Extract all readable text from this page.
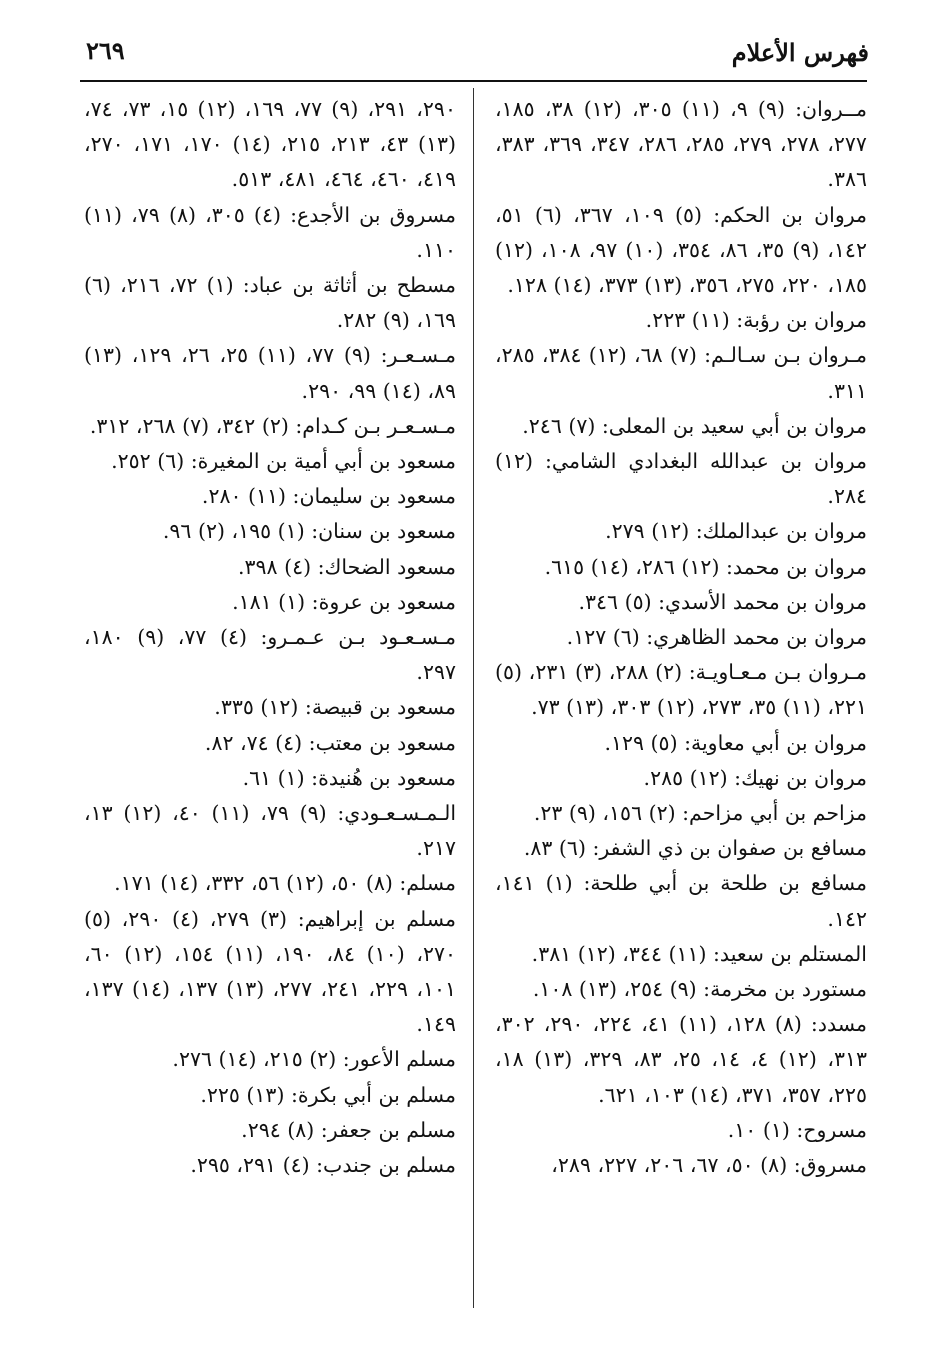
فهرس الأعلام
٢٦٩

مــروان: (٩) ٩، (١١) ٣٠٥، (١٢) ٣٨، ١٨٥، ٢٧٧، ٢٧٨، ٢٧٩، ٢٨٥، ٢٨٦، ٣٤٧، ٣٦٩، ٣٨٣، ٣٨٦.

مروان بن الحكم: (٥) ١٠٩، ٣٦٧، (٦) ٥١، ١٤٢، (٩) ٣٥، ٨٦، ٣٥٤، (١٠) ٩٧، ١٠٨، (١٢) ١٨٥، ٢٢٠، ٢٧٥، ٣٥٦، (١٣) ٣٧٣، (١٤) ١٢٨.

مروان بن رؤبة: (١١) ٢٢٣.

مـروان بـن سـالـم: (٧) ٦٨، (١٢) ٣٨٤، ٢٨٥، ٣١١.

مروان بن أبي سعيد بن المعلى: (٧) ٢٤٦.

مروان بن عبدالله البغدادي الشامي: (١٢) ٢٨٤.

مروان بن عبدالملك: (١٢) ٢٧٩.

مروان بن محمد: (١٢) ٢٨٦، (١٤) ٦١٥.

مروان بن محمد الأسدي: (٥) ٣٤٦.

مروان بن محمد الظاهري: (٦) ١٢٧.

مـروان بـن مـعـاويـة: (٢) ٢٨٨، (٣) ٢٣١، (٥) ٢٢١، (١١) ٣٥، ٢٧٣، (١٢) ٣٠٣، (١٣) ٧٣.

مروان بن أبي معاوية: (٥) ١٢٩.

مروان بن نهيك: (١٢) ٢٨٥.

مزاحم بن أبي مزاحم: (٢) ١٥٦، (٩) ٢٣.

مسافع بن صفوان بن ذي الشفر: (٦) ٨٣.

مسافع بن طلحة بن أبي طلحة: (١) ١٤١، ١٤٢.

المستلم بن سعيد: (١١) ٣٤٤، (١٢) ٣٨١.

مستورد بن مخرمة: (٩) ٢٥٤، (١٣) ١٠٨.

مسدد: (٨) ١٢٨، (١١) ٤١، ٢٢٤، ٢٩٠، ٣٠٢، ٣١٣، (١٢) ٤، ١٤، ٢٥، ٨٣، ٣٢٩، (١٣) ١٨، ٢٢٥، ٣٥٧، ٣٧١، (١٤) ١٠٣، ٦٢١.

مسروح: (١) ١٠.

مسروق: (٨) ٥٠، ٦٧، ٢٠٦، ٢٢٧، ٢٨٩،

٢٩٠، ٢٩١، (٩) ٧٧، ١٦٩، (١٢) ١٥، ٧٣، ٧٤، (١٣) ٤٣، ٢١٣، ٢١٥، (١٤) ١٧٠، ١٧١، ٢٧٠، ٤١٩، ٤٦٠، ٤٦٤، ٤٨١، ٥١٣.

مسروق بن الأجدع: (٤) ٣٠٥، (٨) ٧٩، (١١) ١١٠.

مسطح بن أثاثة بن عباد: (١) ٧٢، ٢١٦، (٦) ١٦٩، (٩) ٢٨٢.

مـسـعـر: (٩) ٧٧، (١١) ٢٥، ٢٦، ١٢٩، (١٣) ٨٩، (١٤) ٩٩، ٢٩٠.

مـسـعـر بـن كـدام: (٢) ٣٤٢، (٧) ٢٦٨، ٣١٢.

مسعود بن أبي أمية بن المغيرة: (٦) ٢٥٢.

مسعود بن سليمان: (١١) ٢٨٠.

مسعود بن سنان: (١) ١٩٥، (٢) ٩٦.

مسعود الضحاك: (٤) ٣٩٨.

مسعود بن عروة: (١) ١٨١.

مـسـعـود بـن عـمـرو: (٤) ٧٧، (٩) ١٨٠، ٢٩٧.

مسعود بن قبيصة: (١٢) ٣٣٥.

مسعود بن معتب: (٤) ٧٤، ٨٢.

مسعود بن هُنيدة: (١) ٦١.

الـمـسـعـودي: (٩) ٧٩، (١١) ٤٠، (١٢) ١٣، ٢١٧.

مسلم: (٨) ٥٠، (١٢) ٥٦، ٣٣٢، (١٤) ١٧١.

مسلم بن إبراهيم: (٣) ٢٧٩، (٤) ٢٩٠، (٥) ٢٧٠، (١٠) ٨٤، ١٩٠، (١١) ١٥٤، (١٢) ٦٠، ١٠١، ٢٢٩، ٢٤١، ٢٧٧، (١٣) ١٣٧، (١٤) ١٣٧، ١٤٩.

مسلم الأعور: (٢) ٢١٥، (١٤) ٢٧٦.

مسلم بن أبي بكرة: (١٣) ٢٢٥.

مسلم بن جعفر: (٨) ٢٩٤.

مسلم بن جندب: (٤) ٢٩١، ٢٩٥.
